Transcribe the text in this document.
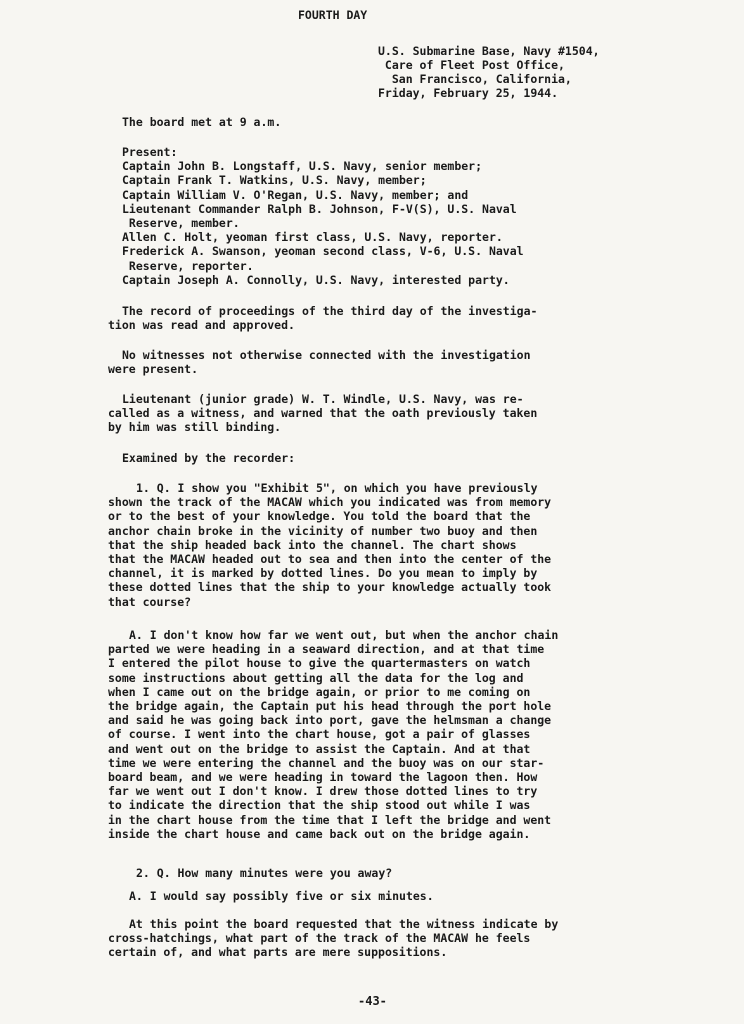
FOURTH DAY
U.S. Submarine Base, Navy #1504,
Care of Fleet Post Office,
San Francisco, California,
Friday, February 25, 1944.
The board met at 9 a.m.
Present:
Captain John B. Longstaff, U.S. Navy, senior member;
Captain Frank T. Watkins, U.S. Navy, member;
Captain William V. O'Regan, U.S. Navy, member; and
Lieutenant Commander Ralph B. Johnson, F-V(S), U.S. Naval
Reserve, member.
Allen C. Holt, yeoman first class, U.S. Navy, reporter.
Frederick A. Swanson, yeoman second class, V-6, U.S. Naval
Reserve, reporter.
Captain Joseph A. Connolly, U.S. Navy, interested party.
The record of proceedings of the third day of the investiga-
tion was read and approved.
No witnesses not otherwise connected with the investigation
were present.
Lieutenant (junior grade) W. T. Windle, U.S. Navy, was re-
called as a witness, and warned that the oath previously taken
by him was still binding.
Examined by the recorder:
1. Q. I show you "Exhibit 5", on which you have previously
shown the track of the MACAW which you indicated was from memory
or to the best of your knowledge. You told the board that the
anchor chain broke in the vicinity of number two buoy and then
that the ship headed back into the channel. The chart shows
that the MACAW headed out to sea and then into the center of the
channel, it is marked by dotted lines. Do you mean to imply by
these dotted lines that the ship to your knowledge actually took
that course?
A. I don't know how far we went out, but when the anchor chain
parted we were heading in a seaward direction, and at that time
I entered the pilot house to give the quartermasters on watch
some instructions about getting all the data for the log and
when I came out on the bridge again, or prior to me coming on
the bridge again, the Captain put his head through the port hole
and said he was going back into port, gave the helmsman a change
of course. I went into the chart house, got a pair of glasses
and went out on the bridge to assist the Captain. And at that
time we were entering the channel and the buoy was on our star-
board beam, and we were heading in toward the lagoon then. How
far we went out I don't know. I drew those dotted lines to try
to indicate the direction that the ship stood out while I was
in the chart house from the time that I left the bridge and went
inside the chart house and came back out on the bridge again.
2. Q. How many minutes were you away?
A. I would say possibly five or six minutes.
At this point the board requested that the witness indicate by
cross-hatchings, what part of the track of the MACAW he feels
certain of, and what parts are mere suppositions.
-43-
